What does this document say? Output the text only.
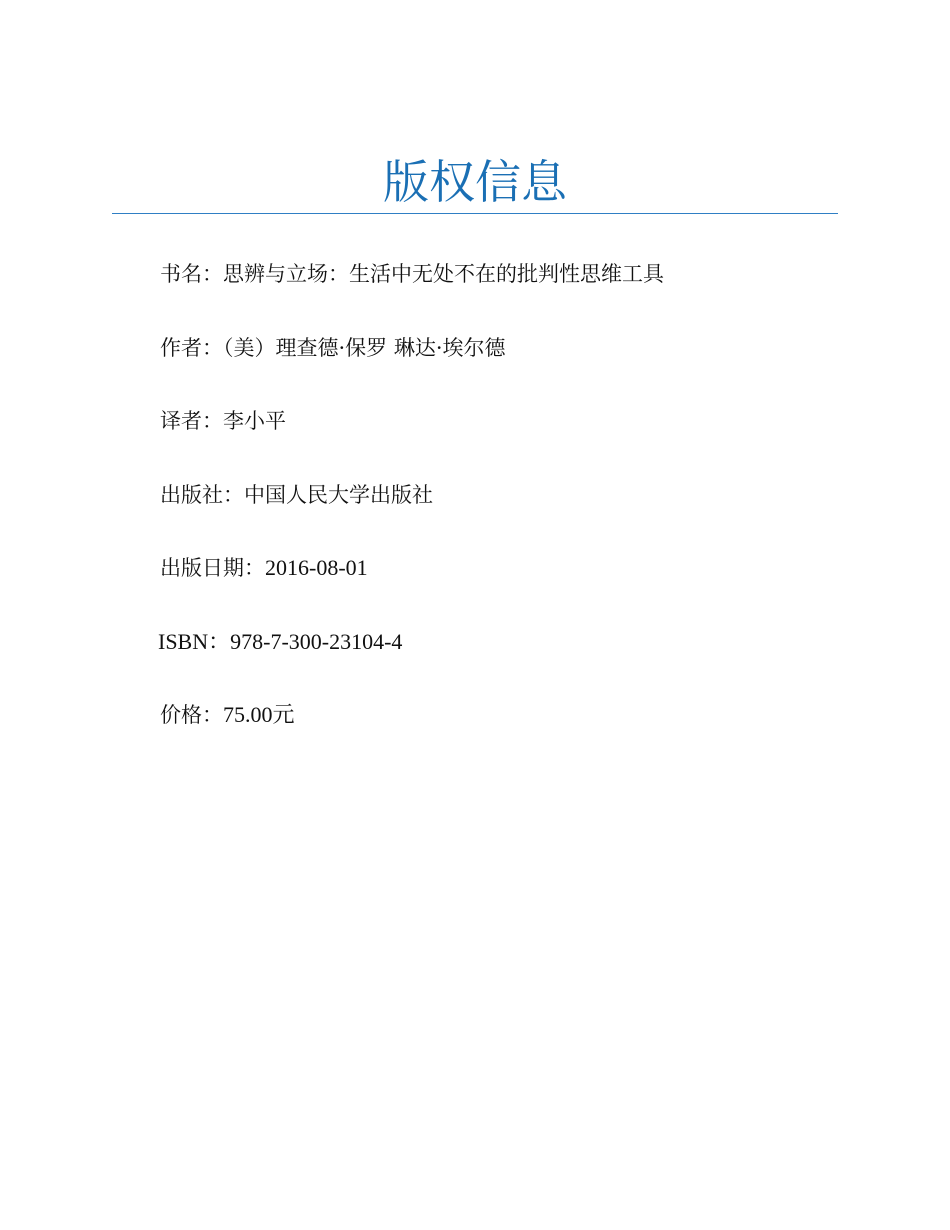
版权信息
书名：思辨与立场：生活中无处不在的批判性思维工具
作者：（美）理查德·保罗 琳达·埃尔德
译者：李小平
出版社：中国人民大学出版社
出版日期：2016-08-01
ISBN：978-7-300-23104-4
价格：75.00元
